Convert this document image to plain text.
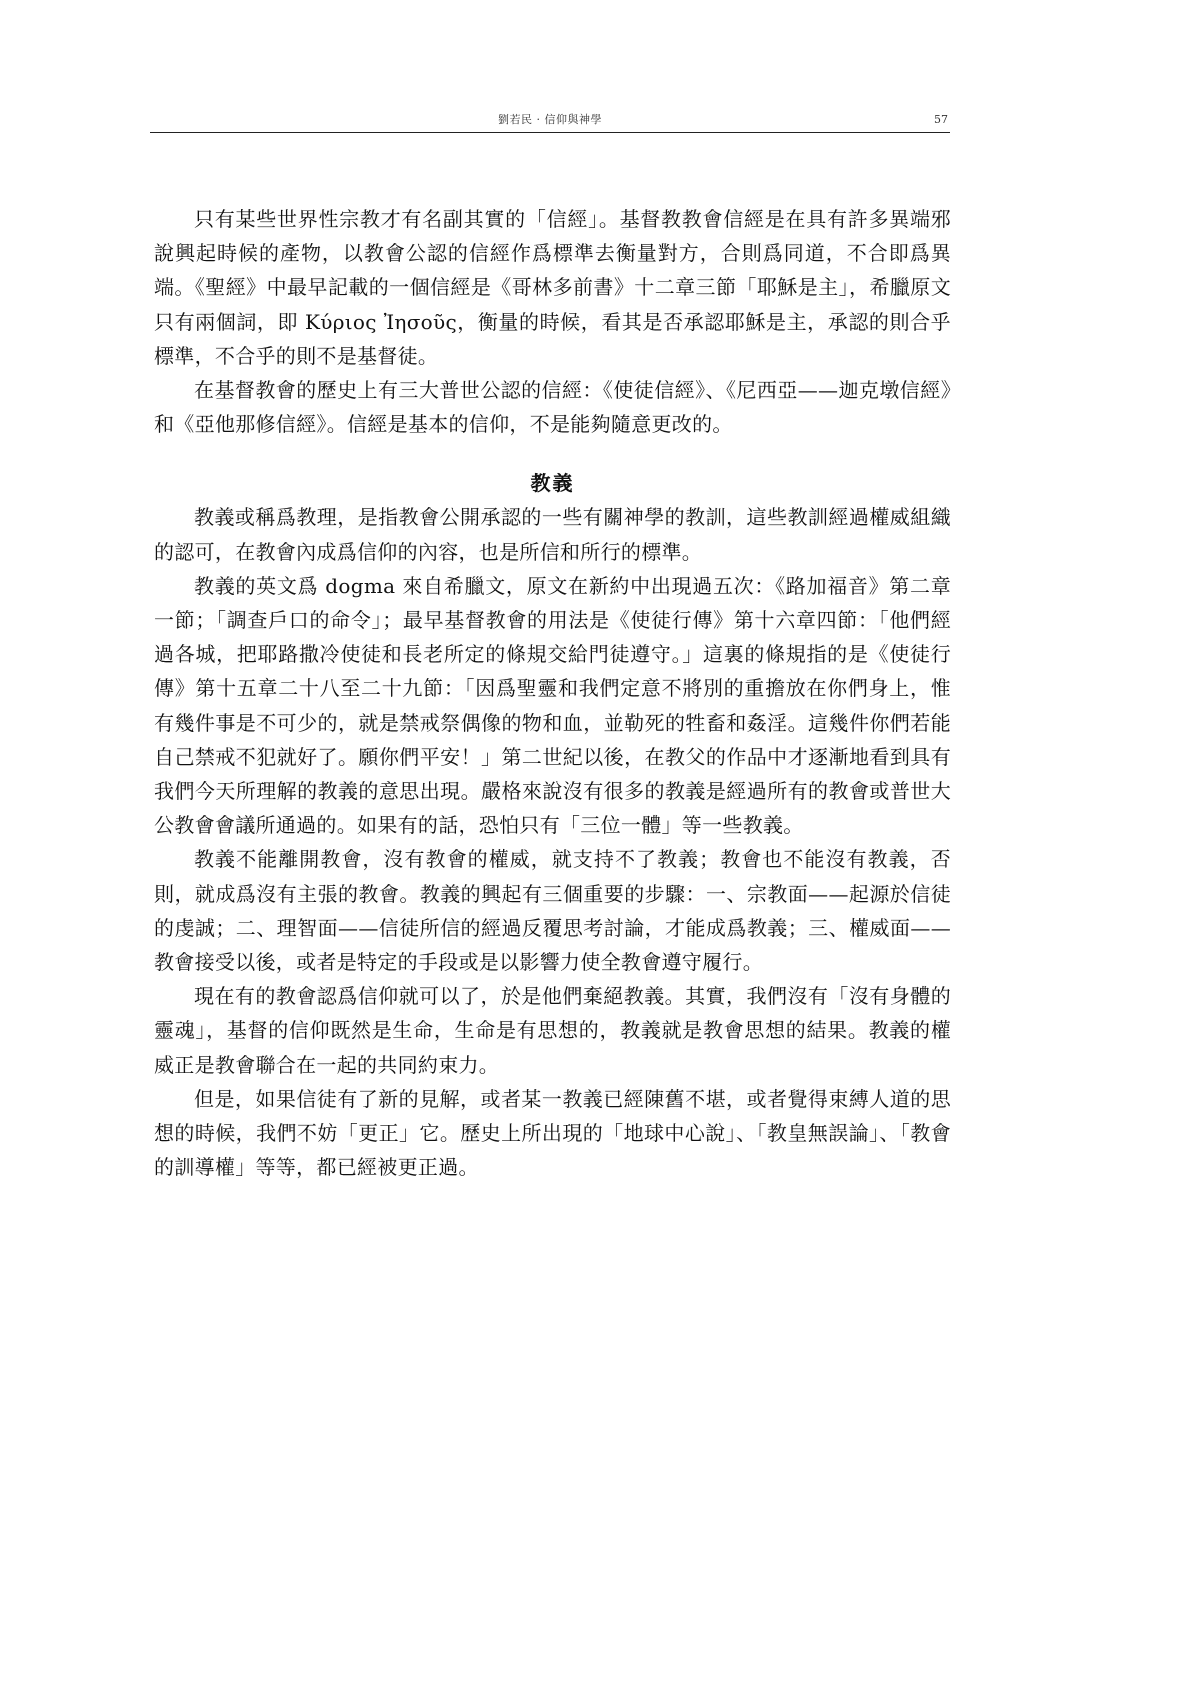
劉若民 · 信仰與神學	57

只有某些世界性宗教才有名副其實的「信經」。基督教教會信經是在具有許多異端邪說興起時候的產物，以教會公認的信經作爲標準去衡量對方，合則爲同道，不合即爲異端。《聖經》中最早記載的一個信經是《哥林多前書》十二章三節「耶穌是主」，希臘原文只有兩個詞，即 Κύριος Ἰησοῦς，衡量的時候，看其是否承認耶穌是主，承認的則合乎標準，不合乎的則不是基督徒。

在基督教會的歷史上有三大普世公認的信經：《使徒信經》、《尼西亞——迦克墩信經》和《亞他那修信經》。信經是基本的信仰，不是能夠隨意更改的。

教義

教義或稱爲教理，是指教會公開承認的一些有關神學的教訓，這些教訓經過權威組織的認可，在教會內成爲信仰的內容，也是所信和所行的標準。

教義的英文爲 dogma 來自希臘文，原文在新約中出現過五次：《路加福音》第二章一節；「調查戶口的命令」；最早基督教會的用法是《使徒行傳》第十六章四節：「他們經過各城，把耶路撒冷使徒和長老所定的條規交給門徒遵守。」這裏的條規指的是《使徒行傳》第十五章二十八至二十九節：「因爲聖靈和我們定意不將別的重擔放在你們身上，惟有幾件事是不可少的，就是禁戒祭偶像的物和血，並勒死的牲畜和姦淫。這幾件你們若能自己禁戒不犯就好了。願你們平安！」第二世紀以後，在教父的作品中才逐漸地看到具有我們今天所理解的教義的意思出現。嚴格來說沒有很多的教義是經過所有的教會或普世大公教會會議所通過的。如果有的話，恐怕只有「三位一體」等一些教義。

教義不能離開教會，沒有教會的權威，就支持不了教義；教會也不能沒有教義，否則，就成爲沒有主張的教會。教義的興起有三個重要的步驟：一、宗教面——起源於信徒的虔誠；二、理智面——信徒所信的經過反覆思考討論，才能成爲教義；三、權威面——教會接受以後，或者是特定的手段或是以影響力使全教會遵守履行。

現在有的教會認爲信仰就可以了，於是他們棄絕教義。其實，我們沒有「沒有身體的靈魂」，基督的信仰既然是生命，生命是有思想的，教義就是教會思想的結果。教義的權威正是教會聯合在一起的共同約束力。

但是，如果信徒有了新的見解，或者某一教義已經陳舊不堪，或者覺得束縛人道的思想的時候，我們不妨「更正」它。歷史上所出現的「地球中心說」、「教皇無誤論」、「教會的訓導權」等等，都已經被更正過。
